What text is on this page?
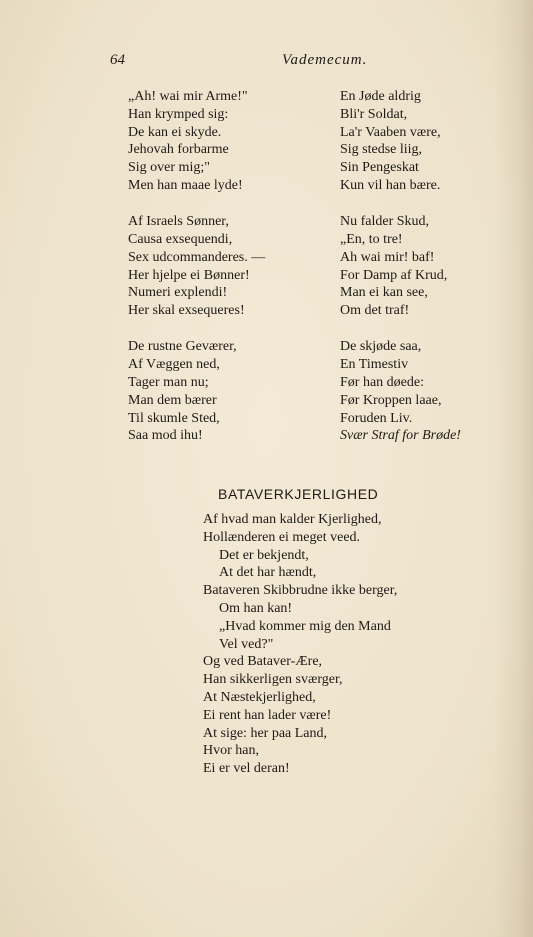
64	Vademecum.
„Ah! wai mir Arme!"
Han krymped sig:
De kan ei skyde.
Jehovah forbarme
Sig over mig;"
Men han maae lyde!
Af Israels Sønner,
Causa exsequendi,
Sex udcommanderes. —
Her hjelpe ei Bønner!
Numeri explendi!
Her skal exsequeres!
De rustne Geværer,
Af Væggen ned,
Tager man nu;
Man dem bærer
Til skumle Sted,
Saa mod ihu!
En Jøde aldrig
Bli'r Soldat,
La'r Vaaben være,
Sig stedse liig,
Sin Pengeskat
Kun vil han bære.
Nu falder Skud,
„En, to tre!
Ah wai mir! baf!
For Damp af Krud,
Man ei kan see,
Om det traf!
De skjøde saa,
En Timestiv
Før han døede:
Før Kroppen laae,
Foruden Liv.
Svær Straf for Brøde!
BATAVERKJERLIGHED
Af hvad man kalder Kjerlighed,
Hollænderen ei meget veed.
Det er bekjendt,
At det har hændt,
Bataveren Skibbrudne ikke berger,
Om han kan!
„Hvad kommer mig den Mand
Vel ved?"
Og ved Bataver-Ære,
Han sikkerligen sværger,
At Næstekjerlighed,
Ei rent han lader være!
At sige: her paa Land,
Hvor han,
Ei er vel deran!
